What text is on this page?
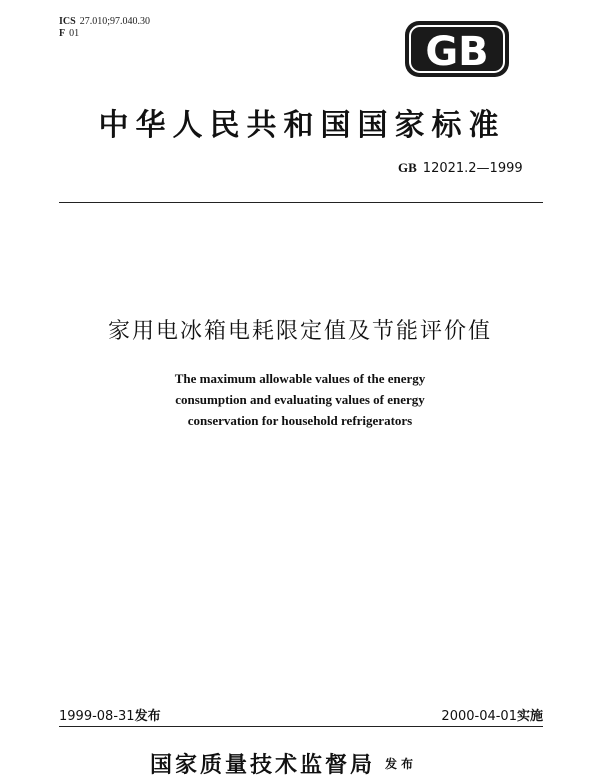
ICS 27.010;97.040.30
F 01	GB
中华人民共和国国家标准
GB 12021.2—1999
家用电冰箱电耗限定值及节能评价值
The maximum allowable values of the energy
consumption and evaluating values of energy
conservation for household refrigerators
1999-08-31发布	2000-04-01实施
国家质量技术监督局 发布
